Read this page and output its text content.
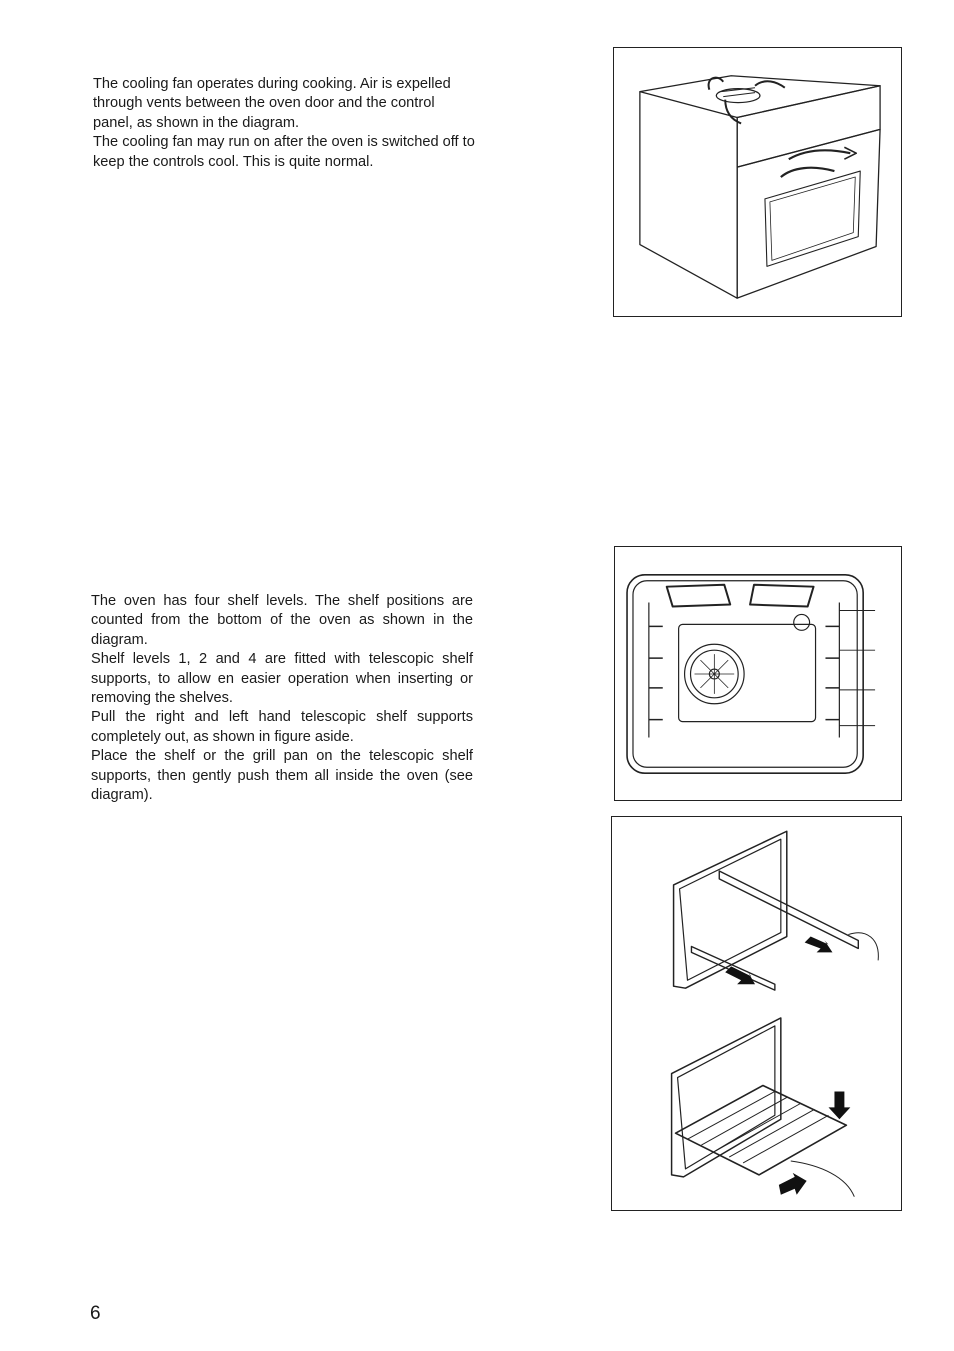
The cooling fan operates during cooking. Air is expelled through vents between the oven door and the control panel, as shown in the diagram.

The cooling fan may run on after the oven is switched off to keep the controls cool. This is quite normal.

The oven has four shelf levels. The shelf positions are counted from the bottom of the oven as shown in the diagram.

Shelf levels 1, 2 and 4 are fitted with telescopic shelf supports, to allow en easier operation when inserting or removing the shelves.

Pull the right and left hand telescopic shelf supports completely out, as shown in figure aside.

Place the shelf or the grill pan on the telescopic shelf supports, then gently push them all inside the oven (see diagram).

6
